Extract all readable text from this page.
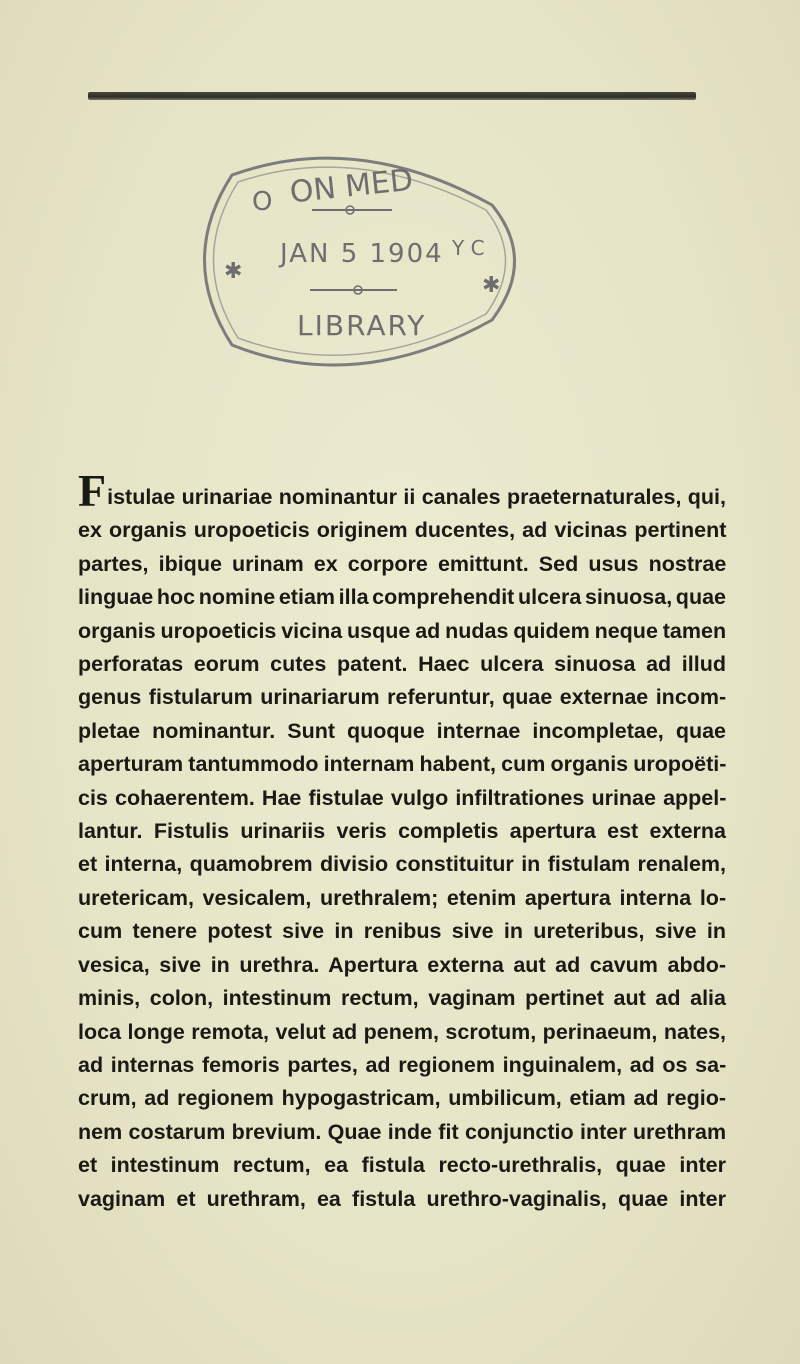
ON MED
O
Y C
JAN 5 1904
LIBRARY
✱
✱
Fistulae urinariae nominantur ii canales praeternaturales, qui,
ex organis uropoeticis originem ducentes, ad vicinas pertinent
partes, ibique urinam ex corpore emittunt. Sed usus nostrae
linguae hoc nomine etiam illa comprehendit ulcera sinuosa, quae
organis uropoeticis vicina usque ad nudas quidem neque tamen
perforatas eorum cutes patent. Haec ulcera sinuosa ad illud
genus fistularum urinariarum referuntur, quae externae incom-
pletae nominantur. Sunt quoque internae incompletae, quae
aperturam tantummodo internam habent, cum organis uropoëti-
cis cohaerentem. Hae fistulae vulgo infiltrationes urinae appel-
lantur. Fistulis urinariis veris completis apertura est externa
et interna, quamobrem divisio constituitur in fistulam renalem,
uretericam, vesicalem, urethralem; etenim apertura interna lo-
cum tenere potest sive in renibus sive in ureteribus, sive in
vesica, sive in urethra. Apertura externa aut ad cavum abdo-
minis, colon, intestinum rectum, vaginam pertinet aut ad alia
loca longe remota, velut ad penem, scrotum, perinaeum, nates,
ad internas femoris partes, ad regionem inguinalem, ad os sa-
crum, ad regionem hypogastricam, umbilicum, etiam ad regio-
nem costarum brevium. Quae inde fit conjunctio inter urethram
et intestinum rectum, ea fistula recto-urethralis, quae inter
vaginam et urethram, ea fistula urethro-vaginalis, quae inter
